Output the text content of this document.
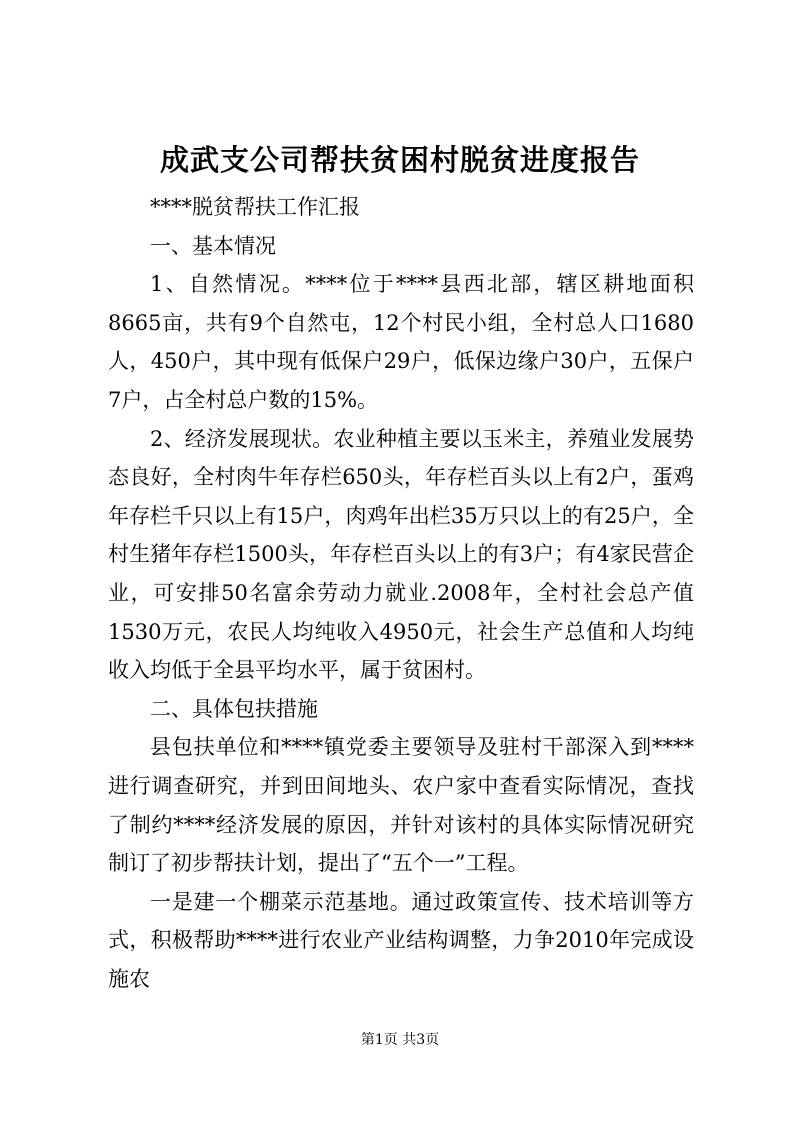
成武支公司帮扶贫困村脱贫进度报告

****脱贫帮扶工作汇报

一、基本情况

1、自然情况。****位于****县西北部，辖区耕地面积8665亩，共有9个自然屯，12个村民小组，全村总人口1680人，450户，其中现有低保户29户，低保边缘户30户，五保户7户，占全村总户数的15%。

2、经济发展现状。农业种植主要以玉米主，养殖业发展势态良好，全村肉牛年存栏650头，年存栏百头以上有2户，蛋鸡年存栏千只以上有15户，肉鸡年出栏35万只以上的有25户，全村生猪年存栏1500头，年存栏百头以上的有3户；有4家民营企业，可安排50名富余劳动力就业.2008年，全村社会总产值1530万元，农民人均纯收入4950元，社会生产总值和人均纯收入均低于全县平均水平，属于贫困村。

二、具体包扶措施

县包扶单位和****镇党委主要领导及驻村干部深入到****进行调查研究，并到田间地头、农户家中查看实际情况，查找了制约****经济发展的原因，并针对该村的具体实际情况研究制订了初步帮扶计划，提出了“五个一”工程。

一是建一个棚菜示范基地。通过政策宣传、技术培训等方式，积极帮助****进行农业产业结构调整，力争2010年完成设施农

第1页 共3页
